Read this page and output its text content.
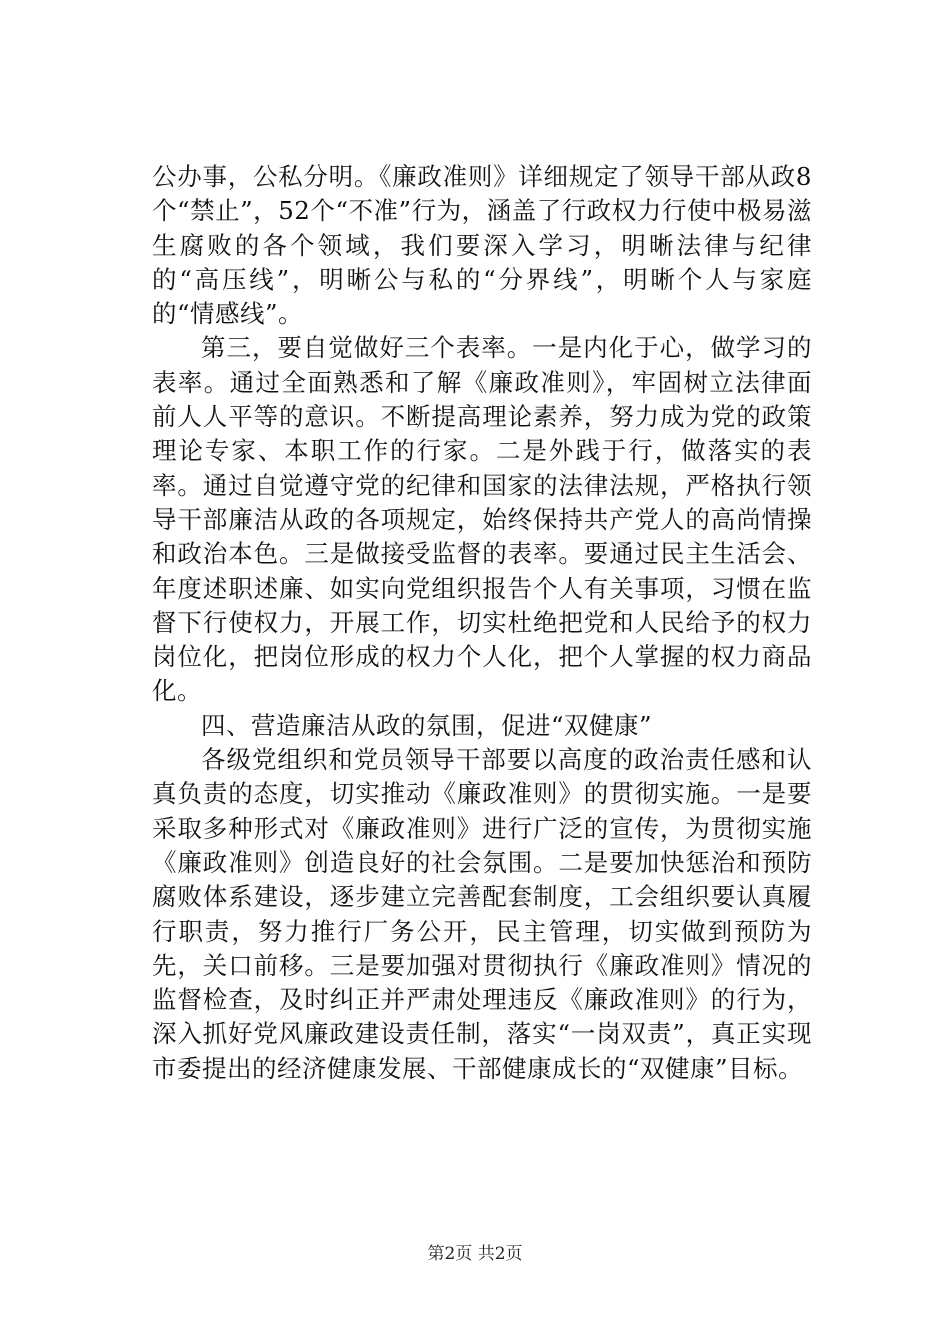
公办事，公私分明。《廉政准则》详细规定了领导干部从政8个“禁止”，52个“不准”行为，涵盖了行政权力行使中极易滋生腐败的各个领域，我们要深入学习，明晰法律与纪律的“高压线”，明晰公与私的“分界线”，明晰个人与家庭的“情感线”。

第三，要自觉做好三个表率。一是内化于心，做学习的表率。通过全面熟悉和了解《廉政准则》，牢固树立法律面前人人平等的意识。不断提高理论素养，努力成为党的政策理论专家、本职工作的行家。二是外践于行，做落实的表率。通过自觉遵守党的纪律和国家的法律法规，严格执行领导干部廉洁从政的各项规定，始终保持共产党人的高尚情操和政治本色。三是做接受监督的表率。要通过民主生活会、年度述职述廉、如实向党组织报告个人有关事项，习惯在监督下行使权力，开展工作，切实杜绝把党和人民给予的权力岗位化，把岗位形成的权力个人化，把个人掌握的权力商品化。

四、营造廉洁从政的氛围，促进“双健康”

各级党组织和党员领导干部要以高度的政治责任感和认真负责的态度，切实推动《廉政准则》的贯彻实施。一是要采取多种形式对《廉政准则》进行广泛的宣传，为贯彻实施《廉政准则》创造良好的社会氛围。二是要加快惩治和预防腐败体系建设，逐步建立完善配套制度，工会组织要认真履行职责，努力推行厂务公开，民主管理，切实做到预防为先，关口前移。三是要加强对贯彻执行《廉政准则》情况的监督检查，及时纠正并严肃处理违反《廉政准则》的行为，深入抓好党风廉政建设责任制，落实“一岗双责”，真正实现市委提出的经济健康发展、干部健康成长的“双健康”目标。

第2页 共2页
